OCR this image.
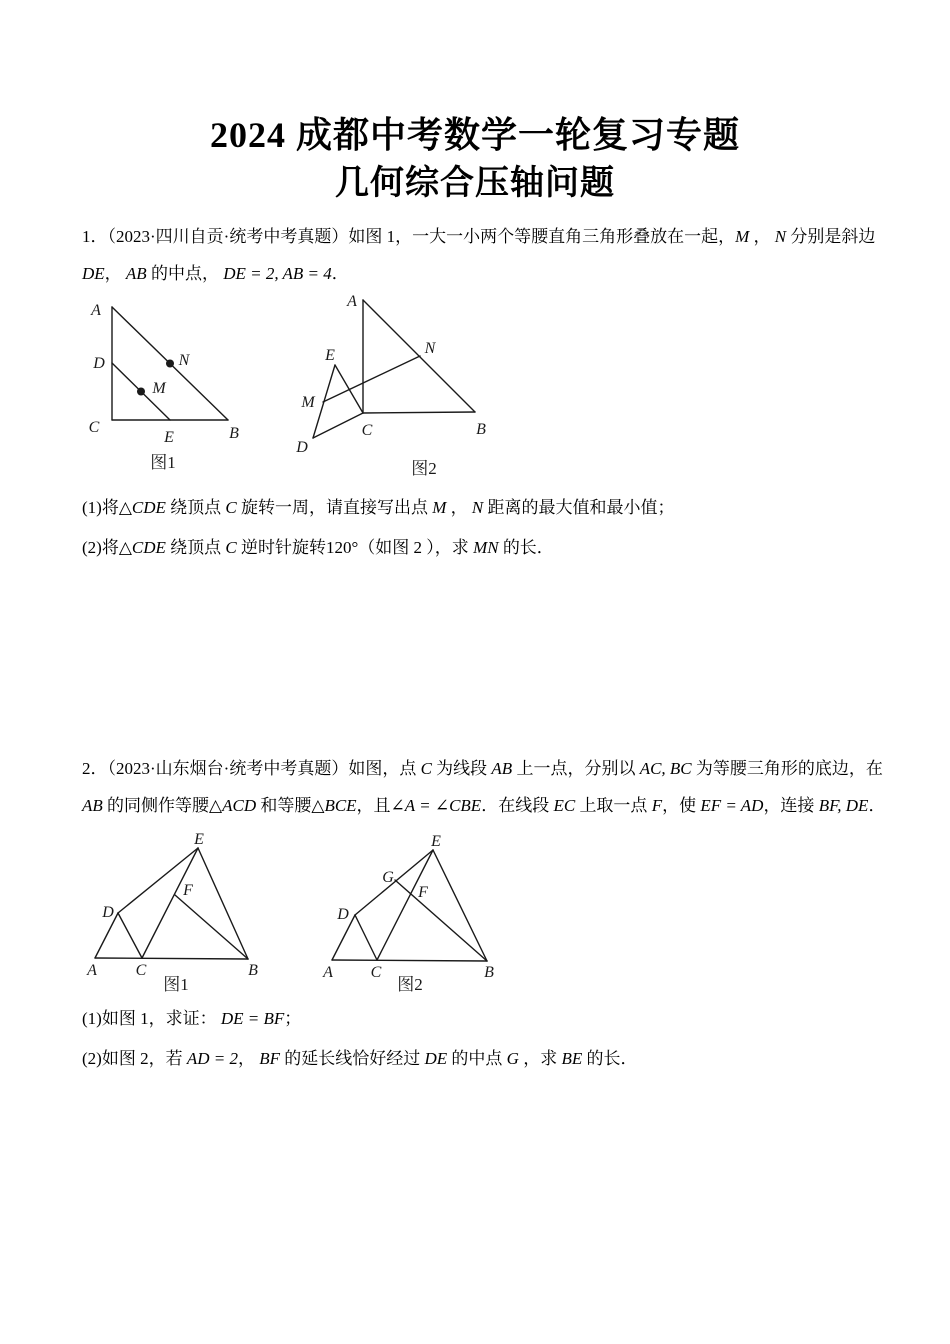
2024 成都中考数学一轮复习专题
几何综合压轴问题
1．（2023·四川自贡·统考中考真题）如图 1，一大一小两个等腰直角三角形叠放在一起，M ， N 分别是斜边
DE， AB 的中点， DE = 2, AB = 4．
A
D
C
E	B
N
M
图1
A
E
M
D
C	B
N
图2
(1)将△CDE 绕顶点 C 旋转一周，请直接写出点 M ， N 距离的最大值和最小值；
(2)将△CDE 绕顶点 C 逆时针旋转120°（如图 2 ），求 MN 的长．
2．（2023·山东烟台·统考中考真题）如图，点 C 为线段 AB 上一点，分别以 AC, BC 为等腰三角形的底边，在
AB 的同侧作等腰△ACD 和等腰△BCE，且∠A = ∠CBE．在线段 EC 上取一点 F，使 EF = AD，连接 BF, DE．
E
A C	B
D
F
图1
E
A C	B
D
G
F
图2
(1)如图 1，求证： DE = BF；
(2)如图 2，若 AD = 2， BF 的延长线恰好经过 DE 的中点 G ，求 BE 的长．
